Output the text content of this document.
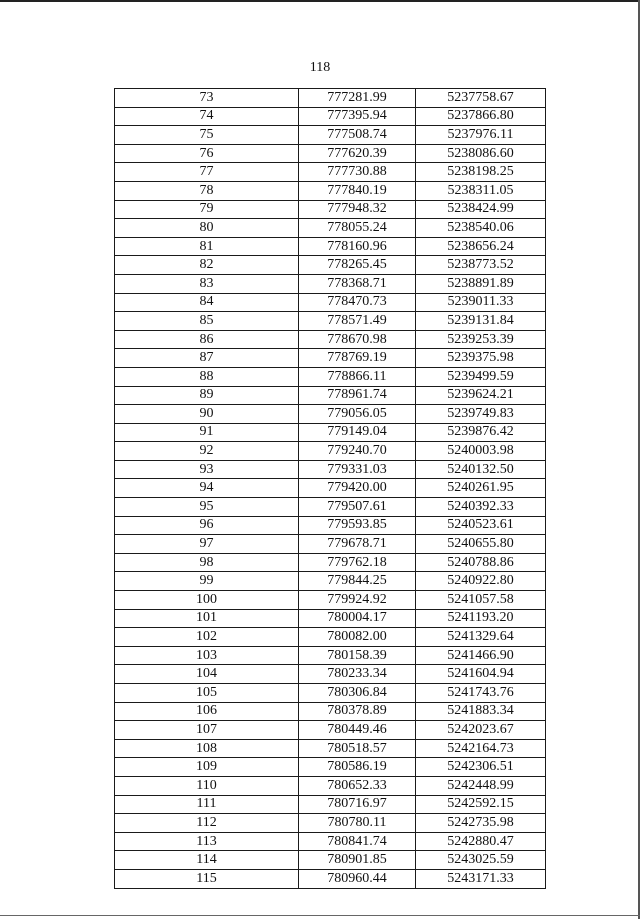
118
73	777281.99	5237758.67
74	777395.94	5237866.80
75	777508.74	5237976.11
76	777620.39	5238086.60
77	777730.88	5238198.25
78	777840.19	5238311.05
79	777948.32	5238424.99
80	778055.24	5238540.06
81	778160.96	5238656.24
82	778265.45	5238773.52
83	778368.71	5238891.89
84	778470.73	5239011.33
85	778571.49	5239131.84
86	778670.98	5239253.39
87	778769.19	5239375.98
88	778866.11	5239499.59
89	778961.74	5239624.21
90	779056.05	5239749.83
91	779149.04	5239876.42
92	779240.70	5240003.98
93	779331.03	5240132.50
94	779420.00	5240261.95
95	779507.61	5240392.33
96	779593.85	5240523.61
97	779678.71	5240655.80
98	779762.18	5240788.86
99	779844.25	5240922.80
100	779924.92	5241057.58
101	780004.17	5241193.20
102	780082.00	5241329.64
103	780158.39	5241466.90
104	780233.34	5241604.94
105	780306.84	5241743.76
106	780378.89	5241883.34
107	780449.46	5242023.67
108	780518.57	5242164.73
109	780586.19	5242306.51
110	780652.33	5242448.99
111	780716.97	5242592.15
112	780780.11	5242735.98
113	780841.74	5242880.47
114	780901.85	5243025.59
115	780960.44	5243171.33
